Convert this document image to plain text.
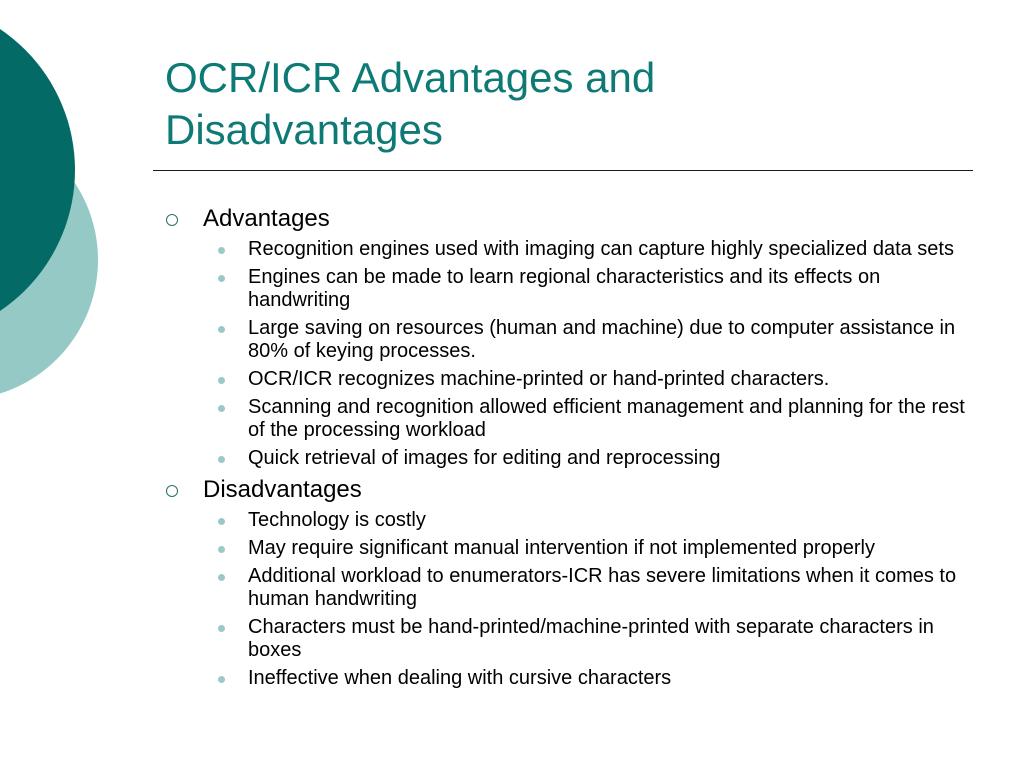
OCR/ICR Advantages and Disadvantages
Advantages
Recognition engines used with imaging can capture highly specialized data sets
Engines can be made to learn regional characteristics and its effects on handwriting
Large saving on resources (human and machine) due to computer assistance in 80% of keying processes.
OCR/ICR recognizes machine-printed or hand-printed characters.
Scanning and recognition allowed efficient management and planning for the rest of the processing workload
Quick retrieval of images for editing and reprocessing
Disadvantages
Technology is costly
May require significant manual intervention if not implemented properly
Additional workload to enumerators-ICR has severe limitations when it comes to human handwriting
Characters must be hand-printed/machine-printed with separate characters in boxes
Ineffective when dealing with cursive characters
